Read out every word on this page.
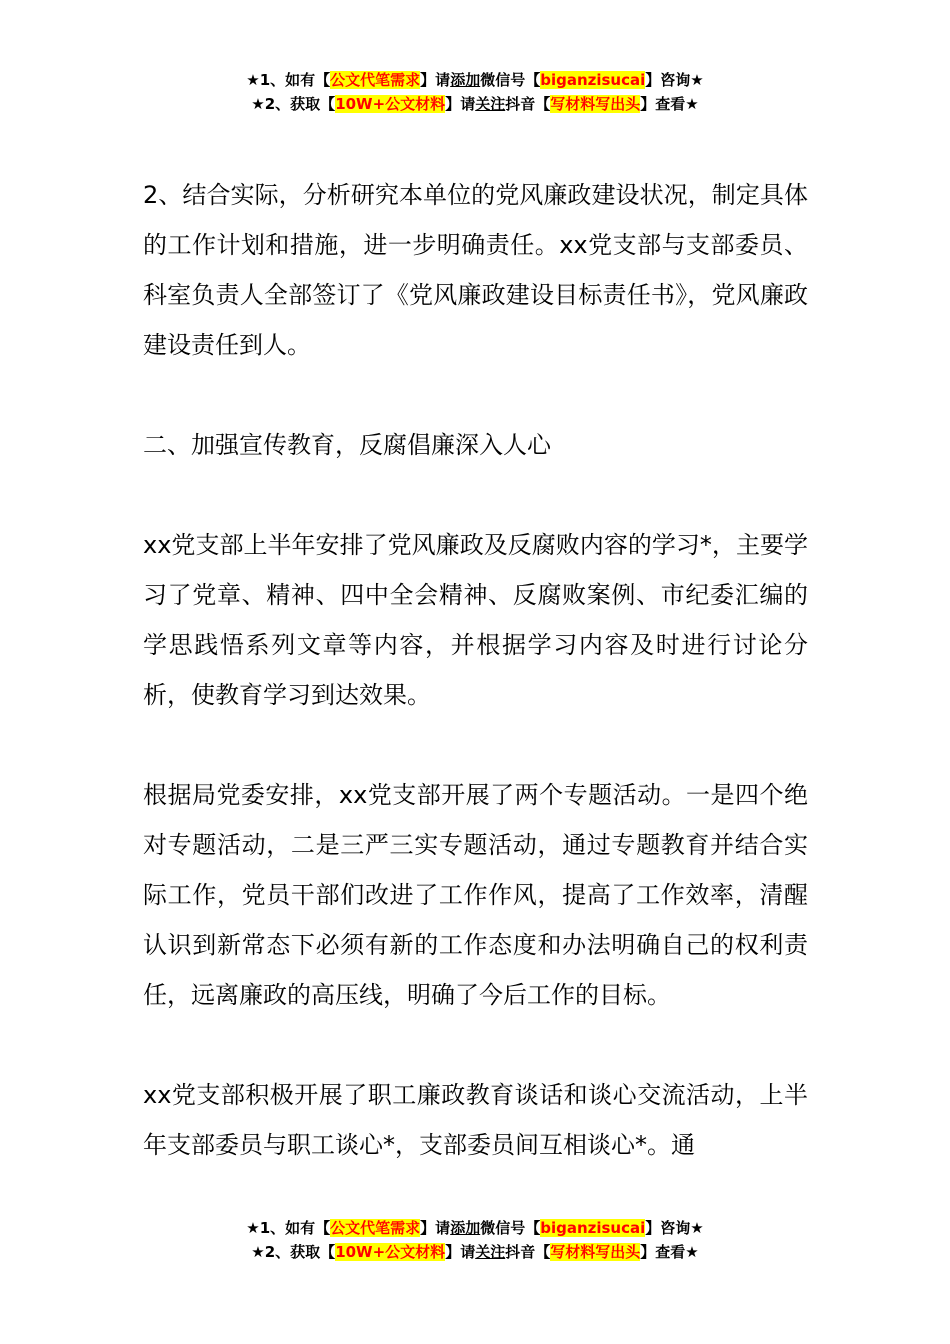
★1、如有【公文代笔需求】请添加微信号【biganzisucai】咨询★
★2、获取【10W+公文材料】请关注抖音【写材料写出头】查看★

2、结合实际，分析研究本单位的党风廉政建设状况，制定具体的工作计划和措施，进一步明确责任。xx党支部与支部委员、科室负责人全部签订了《党风廉政建设目标责任书》，党风廉政建设责任到人。

二、加强宣传教育，反腐倡廉深入人心

xx党支部上半年安排了党风廉政及反腐败内容的学习*，主要学习了党章、精神、四中全会精神、反腐败案例、市纪委汇编的学思践悟系列文章等内容，并根据学习内容及时进行讨论分析，使教育学习到达效果。

根据局党委安排，xx党支部开展了两个专题活动。一是四个绝对专题活动，二是三严三实专题活动，通过专题教育并结合实际工作，党员干部们改进了工作作风，提高了工作效率，清醒认识到新常态下必须有新的工作态度和办法明确自己的权利责任，远离廉政的高压线，明确了今后工作的目标。

xx党支部积极开展了职工廉政教育谈话和谈心交流活动，上半年支部委员与职工谈心*，支部委员间互相谈心*。通

★1、如有【公文代笔需求】请添加微信号【biganzisucai】咨询★
★2、获取【10W+公文材料】请关注抖音【写材料写出头】查看★
